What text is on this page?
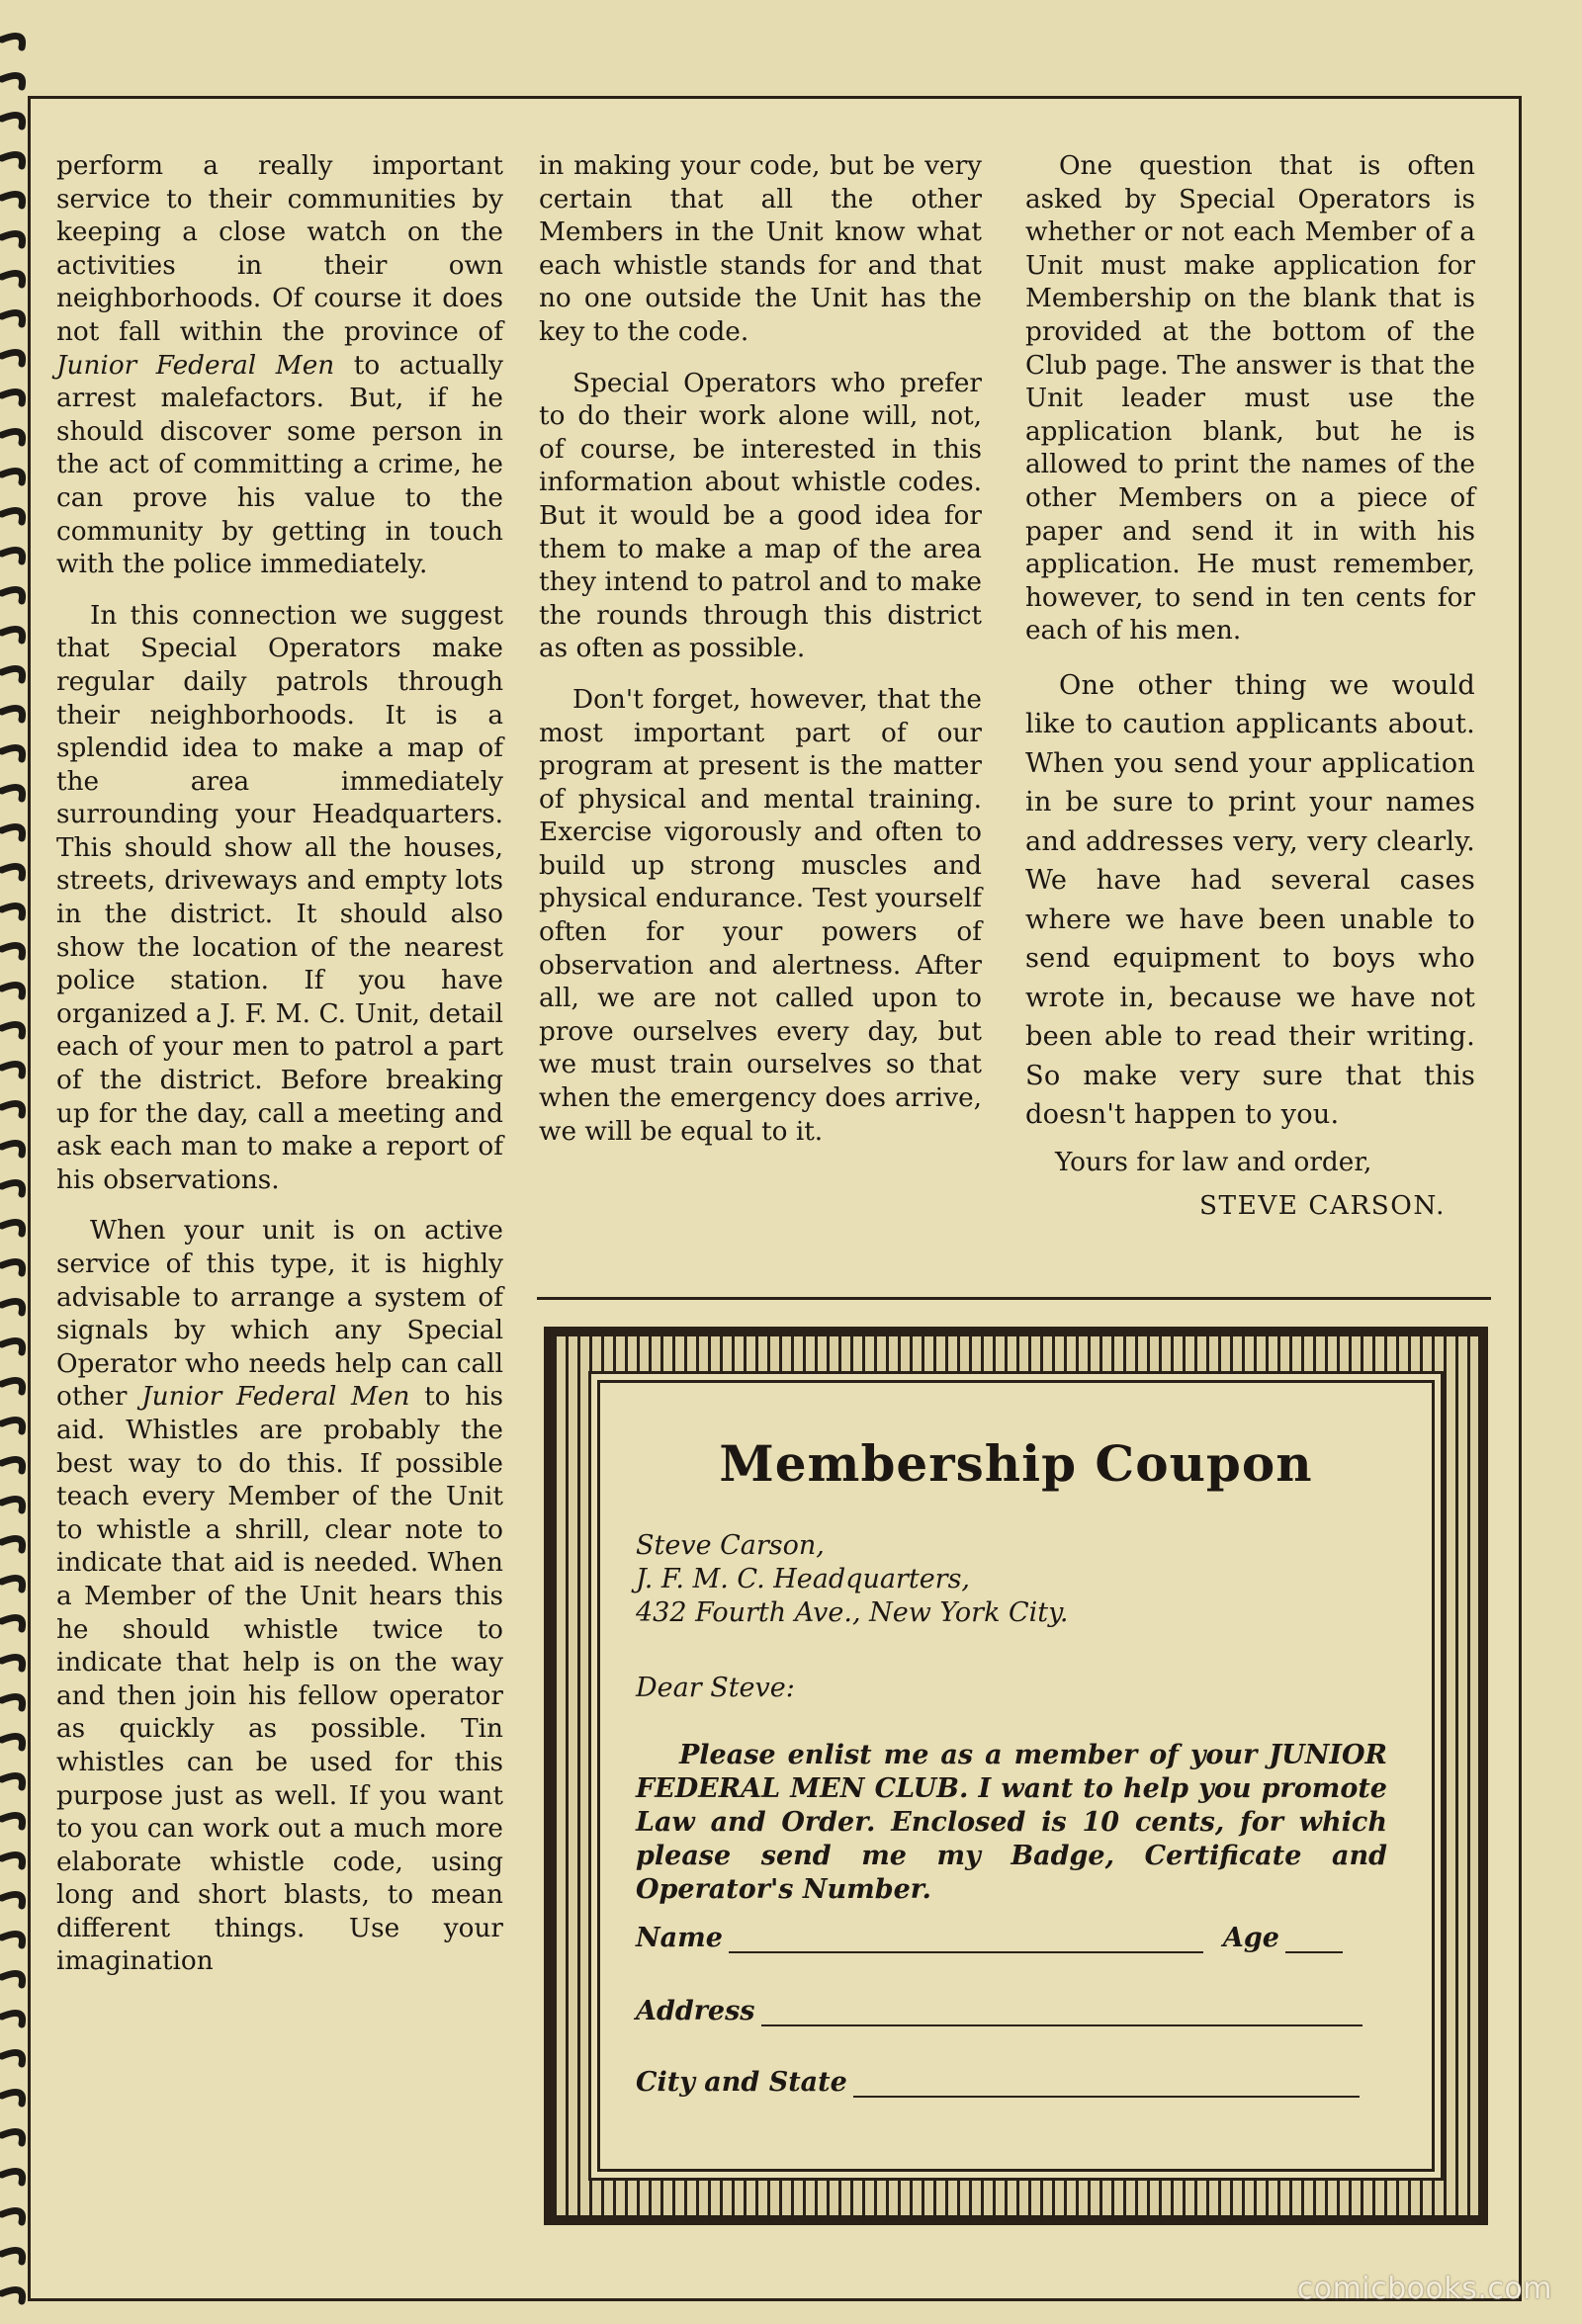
perform a really important service to their communities by keeping a close watch on the activities in their own neighborhoods. Of course it does not fall within the province of Junior Federal Men to actually arrest malefactors. But, if he should discover some person in the act of committing a crime, he can prove his value to the community by getting in touch with the police immediately.

In this connection we suggest that Special Operators make regular daily patrols through their neighborhoods. It is a splendid idea to make a map of the area immediately surrounding your Headquarters. This should show all the houses, streets, driveways and empty lots in the district. It should also show the location of the nearest police station. If you have organized a J. F. M. C. Unit, detail each of your men to patrol a part of the district. Before breaking up for the day, call a meeting and ask each man to make a report of his observations.

When your unit is on active service of this type, it is highly advisable to arrange a system of signals by which any Special Operator who needs help can call other Junior Federal Men to his aid. Whistles are probably the best way to do this. If possible teach every Member of the Unit to whistle a shrill, clear note to indicate that aid is needed. When a Member of the Unit hears this he should whistle twice to indicate that help is on the way and then join his fellow operator as quickly as possible. Tin whistles can be used for this purpose just as well. If you want to you can work out a much more elaborate whistle code, using long and short blasts, to mean different things. Use your imagination

in making your code, but be very certain that all the other Members in the Unit know what each whistle stands for and that no one outside the Unit has the key to the code.

Special Operators who prefer to do their work alone will, not, of course, be interested in this information about whistle codes. But it would be a good idea for them to make a map of the area they intend to patrol and to make the rounds through this district as often as possible.

Don't forget, however, that the most important part of our program at present is the matter of physical and mental training. Exercise vigorously and often to build up strong muscles and physical endurance. Test yourself often for your powers of observation and alertness. After all, we are not called upon to prove ourselves every day, but we must train ourselves so that when the emergency does arrive, we will be equal to it.

One question that is often asked by Special Operators is whether or not each Member of a Unit must make application for Membership on the blank that is provided at the bottom of the Club page. The answer is that the Unit leader must use the application blank, but he is allowed to print the names of the other Members on a piece of paper and send it in with his application. He must remember, however, to send in ten cents for each of his men.

One other thing we would like to caution applicants about. When you send your application in be sure to print your names and addresses very, very clearly. We have had several cases where we have been unable to send equipment to boys who wrote in, because we have not been able to read their writing. So make very sure that this doesn't happen to you.

Yours for law and order,

STEVE CARSON.

Membership Coupon
Steve Carson,
J. F. M. C. Headquarters,
432 Fourth Ave., New York City.
Dear Steve:
Please enlist me as a member of your JUNIOR FEDERAL MEN CLUB. I want to help you promote Law and Order. Enclosed is 10 cents, for which please send me my Badge, Certificate and Operator's Number.
Name	Age
Address
City and State
comicbooks.com
